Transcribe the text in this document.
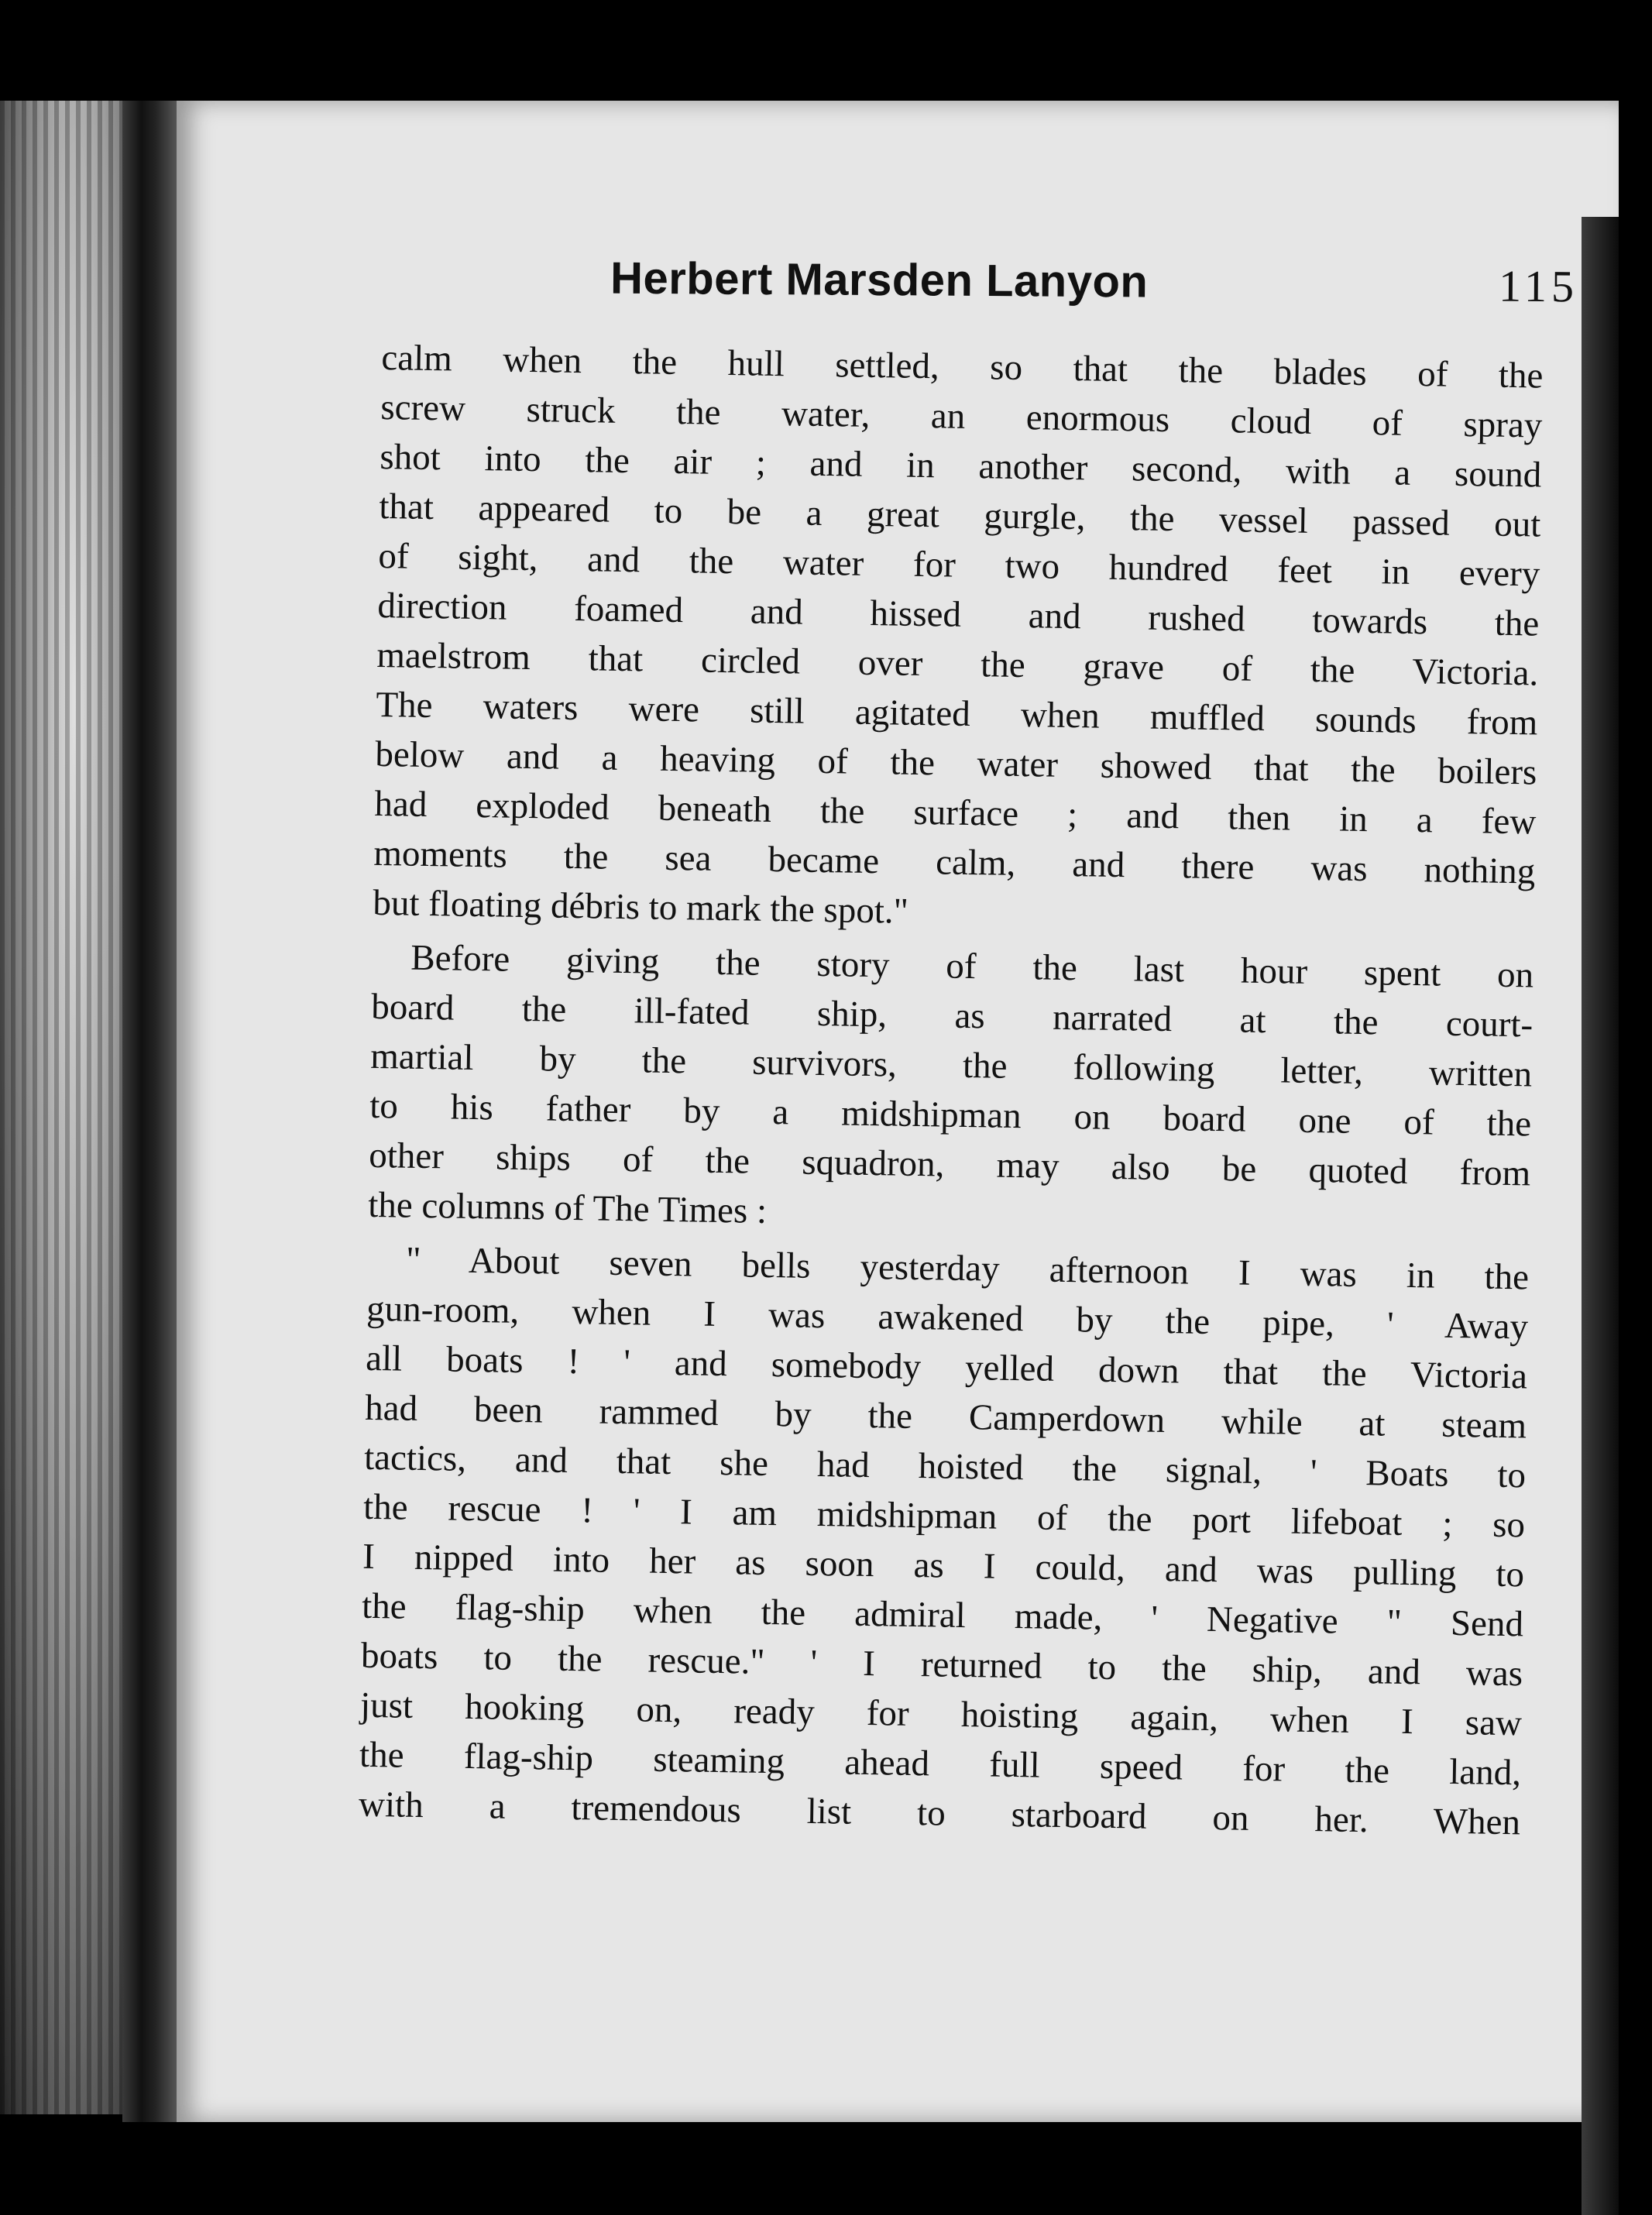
Herbert Marsden Lanyon	115
calm when the hull settled, so that the blades of the
screw struck the water, an enormous cloud of spray
shot into the air ; and in another second, with a sound
that appeared to be a great gurgle, the vessel passed out
of sight, and the water for two hundred feet in every
direction foamed and hissed and rushed towards the
maelstrom that circled over the grave of the Victoria.
The waters were still agitated when muffled sounds from
below and a heaving of the water showed that the boilers
had exploded beneath the surface ; and then in a few
moments the sea became calm, and there was nothing
but floating débris to mark the spot."
Before giving the story of the last hour spent on
board the ill-fated ship, as narrated at the court-
martial by the survivors, the following letter, written
to his father by a midshipman on board one of the
other ships of the squadron, may also be quoted from
the columns of The Times :
" About seven bells yesterday afternoon I was in the
gun-room, when I was awakened by the pipe, ' Away
all boats ! ' and somebody yelled down that the Victoria
had been rammed by the Camperdown while at steam
tactics, and that she had hoisted the signal, ' Boats to
the rescue ! ' I am midshipman of the port lifeboat ; so
I nipped into her as soon as I could, and was pulling to
the flag-ship when the admiral made, ' Negative " Send
boats to the rescue." ' I returned to the ship, and was
just hooking on, ready for hoisting again, when I saw
the flag-ship steaming ahead full speed for the land,
with a tremendous list to starboard on her. When
